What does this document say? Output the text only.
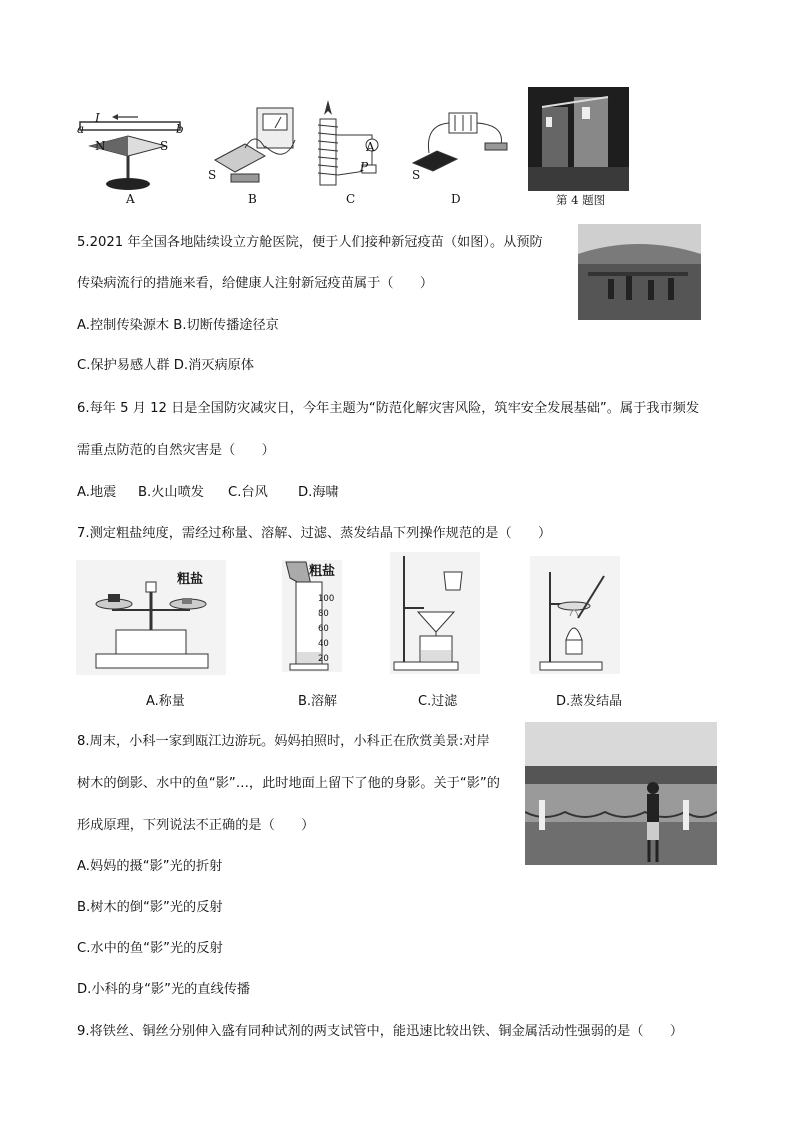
I
a	b
N	S
S
A
P
S
A	B	C	D	第 4 题图
5.2021 年全国各地陆续设立方舱医院，便于人们接种新冠疫苗（如图）。从预防
传染病流行的措施来看，给健康人注射新冠疫苗属于（　　）
A.控制传染源木 B.切断传播途径京
C.保护易感人群 D.消灭病原体
6.每年 5 月 12 日是全国防灾减灾日，今年主题为“防范化解灾害风险，筑牢安全发展基础”。属于我市频发
需重点防范的自然灾害是（　　）
A.地震 B.火山喷发 C.台风 D.海啸
7.测定粗盐纯度，需经过称量、溶解、过滤、蒸发结晶下列操作规范的是（　　）
粗盐
粗盐
100
80
60
40
20
A.称量	B.溶解	C.过滤	D.蒸发结晶
8.周末，小科一家到瓯江边游玩。妈妈拍照时，小科正在欣赏美景:对岸
树木的倒影、水中的鱼“影”…，此时地面上留下了他的身影。关于“影”的
形成原理，下列说法不正确的是（　　）
A.妈妈的摄“影”光的折射
B.树木的倒“影”光的反射
C.水中的鱼“影”光的反射
D.小科的身“影”光的直线传播
9.将铁丝、铜丝分别伸入盛有同种试剂的两支试管中，能迅速比较出铁、铜金属活动性强弱的是（　　）
